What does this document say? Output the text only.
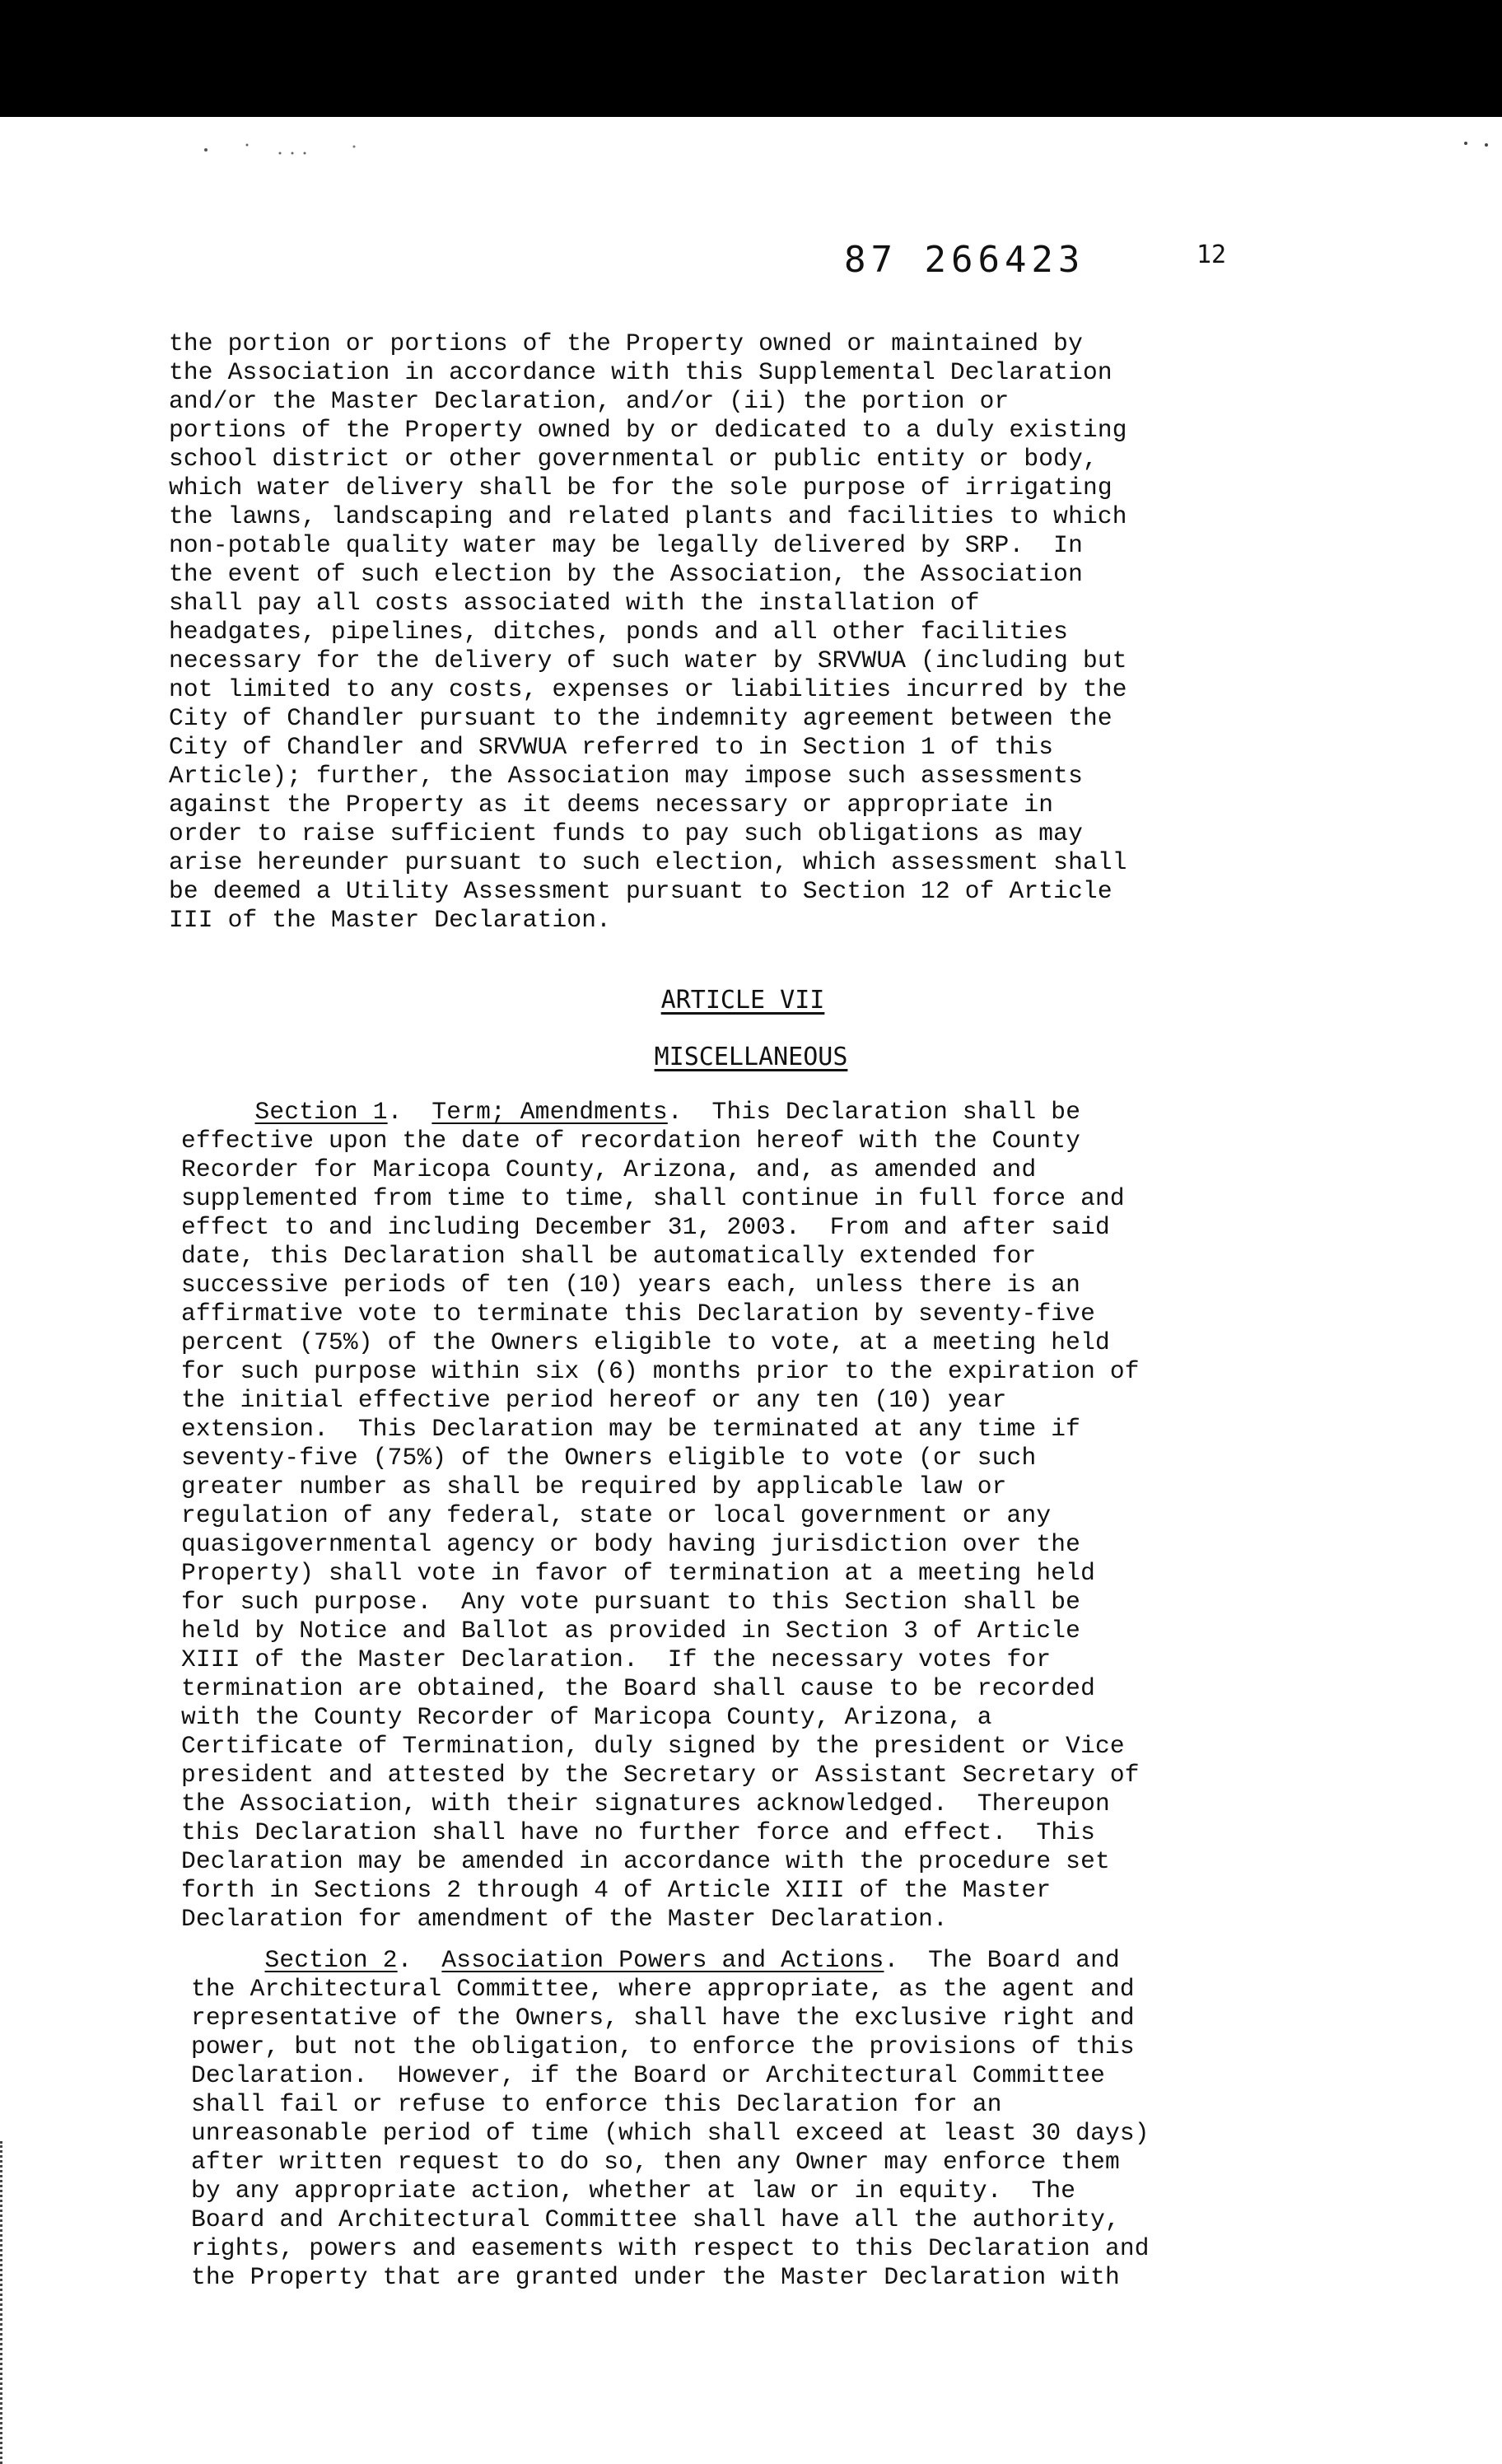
87 266423	12
the portion or portions of the Property owned or maintained by
the Association in accordance with this Supplemental Declaration
and/or the Master Declaration, and/or (ii) the portion or
portions of the Property owned by or dedicated to a duly existing
school district or other governmental or public entity or body,
which water delivery shall be for the sole purpose of irrigating
the lawns, landscaping and related plants and facilities to which
non-potable quality water may be legally delivered by SRP.  In
the event of such election by the Association, the Association
shall pay all costs associated with the installation of
headgates, pipelines, ditches, ponds and all other facilities
necessary for the delivery of such water by SRVWUA (including but
not limited to any costs, expenses or liabilities incurred by the
City of Chandler pursuant to the indemnity agreement between the
City of Chandler and SRVWUA referred to in Section 1 of this
Article); further, the Association may impose such assessments
against the Property as it deems necessary or appropriate in
order to raise sufficient funds to pay such obligations as may
arise hereunder pursuant to such election, which assessment shall
be deemed a Utility Assessment pursuant to Section 12 of Article
III of the Master Declaration.
ARTICLE VII
MISCELLANEOUS
Section 1.  Term; Amendments.  This Declaration shall be
effective upon the date of recordation hereof with the County
Recorder for Maricopa County, Arizona, and, as amended and
supplemented from time to time, shall continue in full force and
effect to and including December 31, 2003.  From and after said
date, this Declaration shall be automatically extended for
successive periods of ten (10) years each, unless there is an
affirmative vote to terminate this Declaration by seventy-five
percent (75%) of the Owners eligible to vote, at a meeting held
for such purpose within six (6) months prior to the expiration of
the initial effective period hereof or any ten (10) year
extension.  This Declaration may be terminated at any time if
seventy-five (75%) of the Owners eligible to vote (or such
greater number as shall be required by applicable law or
regulation of any federal, state or local government or any
quasigovernmental agency or body having jurisdiction over the
Property) shall vote in favor of termination at a meeting held
for such purpose.  Any vote pursuant to this Section shall be
held by Notice and Ballot as provided in Section 3 of Article
XIII of the Master Declaration.  If the necessary votes for
termination are obtained, the Board shall cause to be recorded
with the County Recorder of Maricopa County, Arizona, a
Certificate of Termination, duly signed by the president or Vice
president and attested by the Secretary or Assistant Secretary of
the Association, with their signatures acknowledged.  Thereupon
this Declaration shall have no further force and effect.  This
Declaration may be amended in accordance with the procedure set
forth in Sections 2 through 4 of Article XIII of the Master
Declaration for amendment of the Master Declaration.
Section 2.  Association Powers and Actions.  The Board and
the Architectural Committee, where appropriate, as the agent and
representative of the Owners, shall have the exclusive right and
power, but not the obligation, to enforce the provisions of this
Declaration.  However, if the Board or Architectural Committee
shall fail or refuse to enforce this Declaration for an
unreasonable period of time (which shall exceed at least 30 days)
after written request to do so, then any Owner may enforce them
by any appropriate action, whether at law or in equity.  The
Board and Architectural Committee shall have all the authority,
rights, powers and easements with respect to this Declaration and
the Property that are granted under the Master Declaration with
